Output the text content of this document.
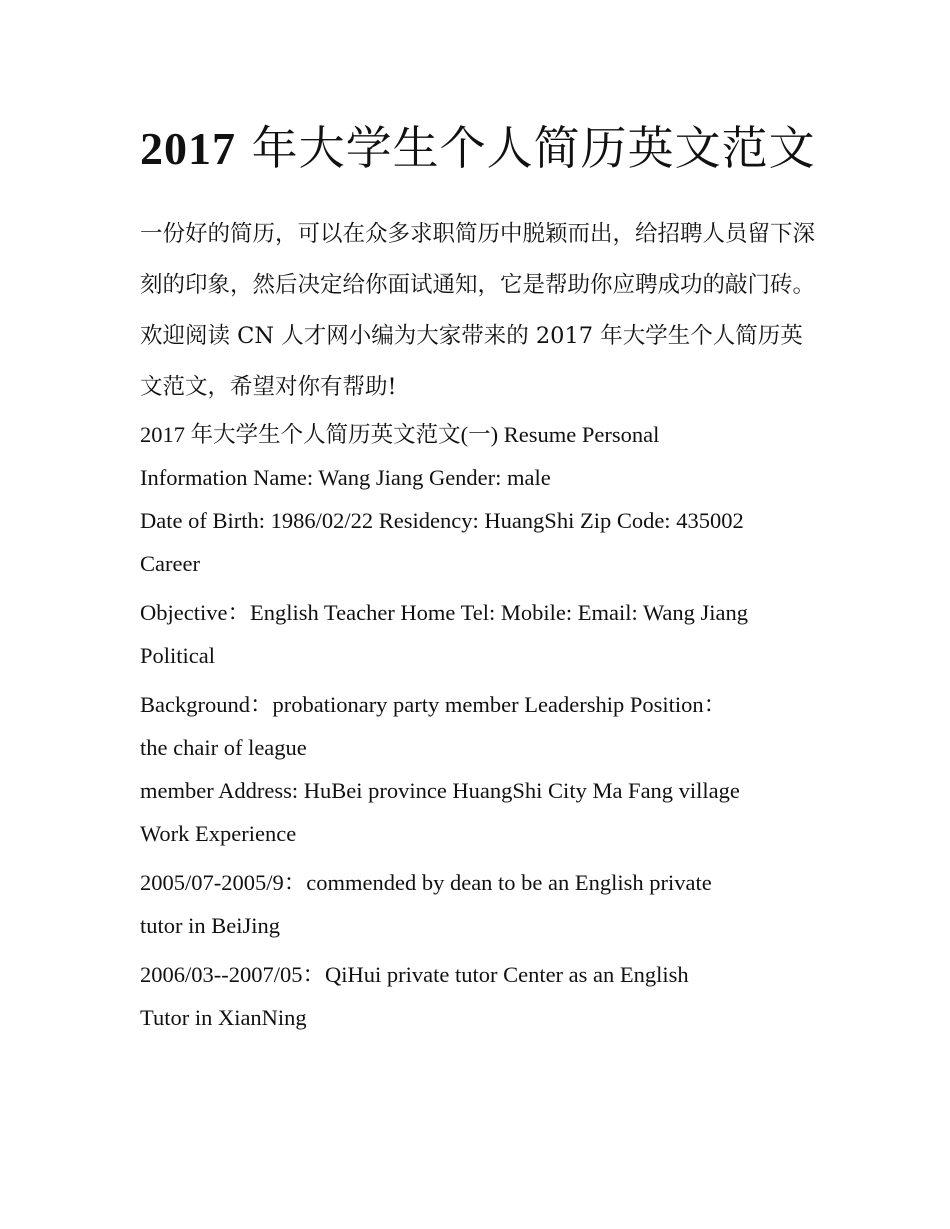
2017 年大学生个人简历英文范文

一份好的简历，可以在众多求职简历中脱颖而出，给招聘人员留下深刻的印象，然后决定给你面试通知，它是帮助你应聘成功的敲门砖。欢迎阅读 CN 人才网小编为大家带来的 2017 年大学生个人简历英文范文，希望对你有帮助!

2017 年大学生个人简历英文范文(一) Resume Personal

Information Name: Wang Jiang Gender: male

Date of Birth: 1986/02/22 Residency: HuangShi Zip Code: 435002

Career

Objective：English Teacher Home Tel: Mobile: Email: Wang Jiang

Political

Background：probationary party member Leadership Position：

the chair of league

member Address: HuBei province HuangShi City Ma Fang village

Work Experience

2005/07-2005/9：commended by dean to be an English private

tutor in BeiJing

2006/03--2007/05：QiHui private tutor Center as an English

Tutor in XianNing
